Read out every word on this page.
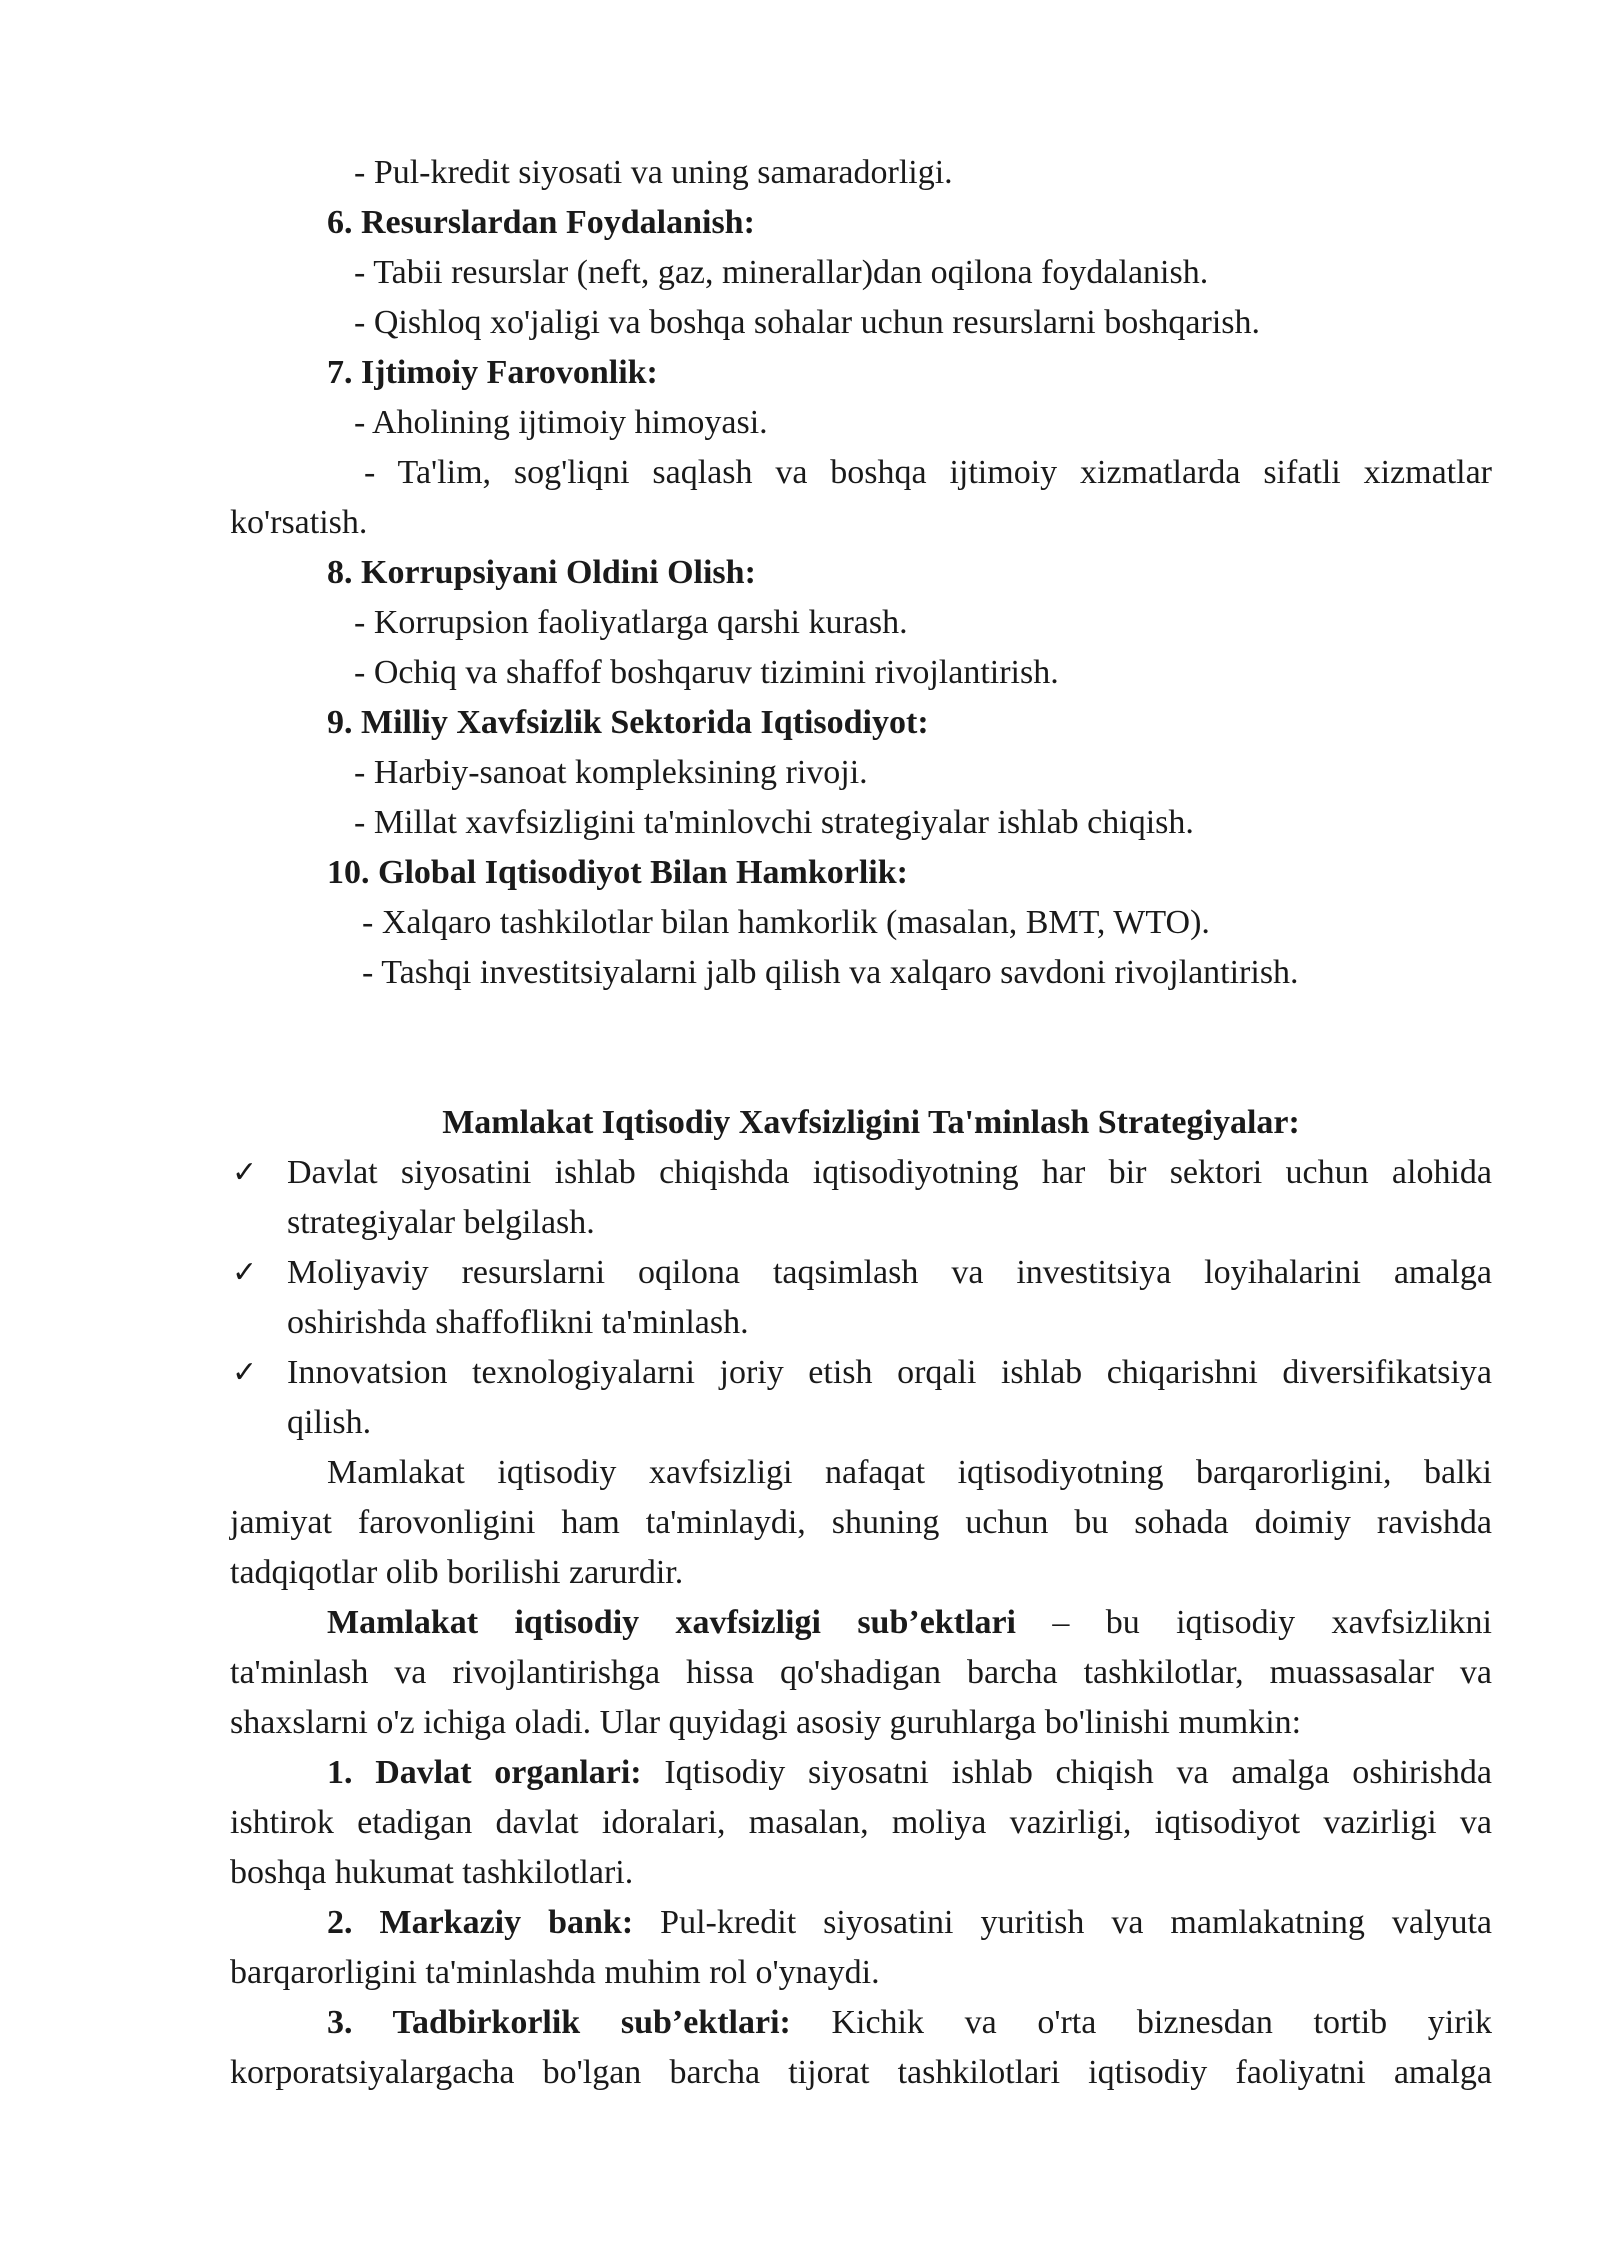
- Pul-kredit siyosati va uning samaradorligi.
6. Resurslardan Foydalanish:
- Tabii resurslar (neft, gaz, minerallar)dan oqilona foydalanish.
- Qishloq xo'jaligi va boshqa sohalar uchun resurslarni boshqarish.
7. Ijtimoiy Farovonlik:
- Aholining ijtimoiy himoyasi.
- Ta'lim, sog'liqni saqlash va boshqa ijtimoiy xizmatlarda sifatli xizmatlar
ko'rsatish.
8. Korrupsiyani Oldini Olish:
- Korrupsion faoliyatlarga qarshi kurash.
- Ochiq va shaffof boshqaruv tizimini rivojlantirish.
9. Milliy Xavfsizlik Sektorida Iqtisodiyot:
- Harbiy-sanoat kompleksining rivoji.
- Millat xavfsizligini ta'minlovchi strategiyalar ishlab chiqish.
10. Global Iqtisodiyot Bilan Hamkorlik:
- Xalqaro tashkilotlar bilan hamkorlik (masalan, BMT, WTO).
- Tashqi investitsiyalarni jalb qilish va xalqaro savdoni rivojlantirish.
Mamlakat Iqtisodiy Xavfsizligini Ta'minlash Strategiyalar:
✓ Davlat siyosatini ishlab chiqishda iqtisodiyotning har bir sektori uchun alohida
strategiyalar belgilash.
✓ Moliyaviy resurslarni oqilona taqsimlash va investitsiya loyihalarini amalga
oshirishda shaffoflikni ta'minlash.
✓ Innovatsion texnologiyalarni joriy etish orqali ishlab chiqarishni diversifikatsiya
qilish.
Mamlakat iqtisodiy xavfsizligi nafaqat iqtisodiyotning barqarorligini, balki
jamiyat farovonligini ham ta'minlaydi, shuning uchun bu sohada doimiy ravishda
tadqiqotlar olib borilishi zarurdir.
Mamlakat iqtisodiy xavfsizligi sub’ektlari – bu iqtisodiy xavfsizlikni
ta'minlash va rivojlantirishga hissa qo'shadigan barcha tashkilotlar, muassasalar va
shaxslarni o'z ichiga oladi. Ular quyidagi asosiy guruhlarga bo'linishi mumkin:
1. Davlat organlari: Iqtisodiy siyosatni ishlab chiqish va amalga oshirishda
ishtirok etadigan davlat idoralari, masalan, moliya vazirligi, iqtisodiyot vazirligi va
boshqa hukumat tashkilotlari.
2. Markaziy bank: Pul-kredit siyosatini yuritish va mamlakatning valyuta
barqarorligini ta'minlashda muhim rol o'ynaydi.
3. Tadbirkorlik sub’ektlari: Kichik va o'rta biznesdan tortib yirik
korporatsiyalargacha bo'lgan barcha tijorat tashkilotlari iqtisodiy faoliyatni amalga
